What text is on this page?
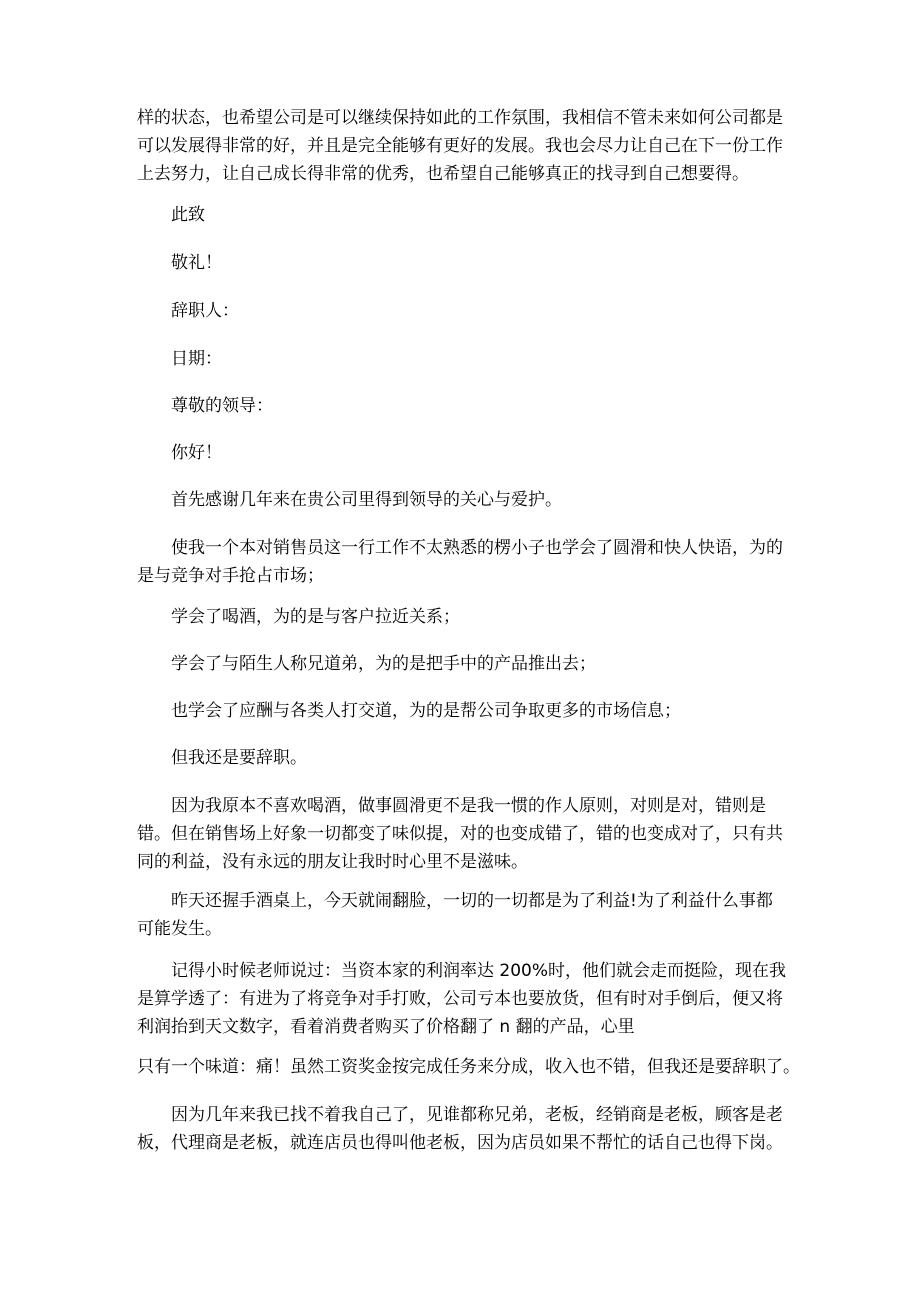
样的状态，也希望公司是可以继续保持如此的工作氛围，我相信不管未来如何公司都是
可以发展得非常的好，并且是完全能够有更好的发展。我也会尽力让自己在下一份工作
上去努力，让自己成长得非常的优秀，也希望自己能够真正的找寻到自己想要得。
此致
敬礼！
辞职人：
日期：
尊敬的领导：
你好！
首先感谢几年来在贵公司里得到领导的关心与爱护。
使我一个本对销售员这一行工作不太熟悉的楞小子也学会了圆滑和快人快语，为的
是与竞争对手抢占市场；
学会了喝酒，为的是与客户拉近关系；
学会了与陌生人称兄道弟，为的是把手中的产品推出去；
也学会了应酬与各类人打交道，为的是帮公司争取更多的市场信息；
但我还是要辞职。
因为我原本不喜欢喝酒，做事圆滑更不是我一惯的作人原则，对则是对，错则是
错。但在销售场上好象一切都变了味似提，对的也变成错了，错的也变成对了，只有共
同的利益，没有永远的朋友让我时时心里不是滋味。
昨天还握手酒桌上，今天就闹翻脸，一切的一切都是为了利益!为了利益什么事都
可能发生。
记得小时候老师说过：当资本家的利润率达 200%时，他们就会走而挺险，现在我
是算学透了：有进为了将竞争对手打败，公司亏本也要放货，但有时对手倒后，便又将
利润抬到天文数字，看着消费者购买了价格翻了 n 翻的产品，心里
只有一个味道：痛！虽然工资奖金按完成任务来分成，收入也不错，但我还是要辞职了。
因为几年来我已找不着我自己了，见谁都称兄弟，老板，经销商是老板，顾客是老
板，代理商是老板，就连店员也得叫他老板，因为店员如果不帮忙的话自己也得下岗。
